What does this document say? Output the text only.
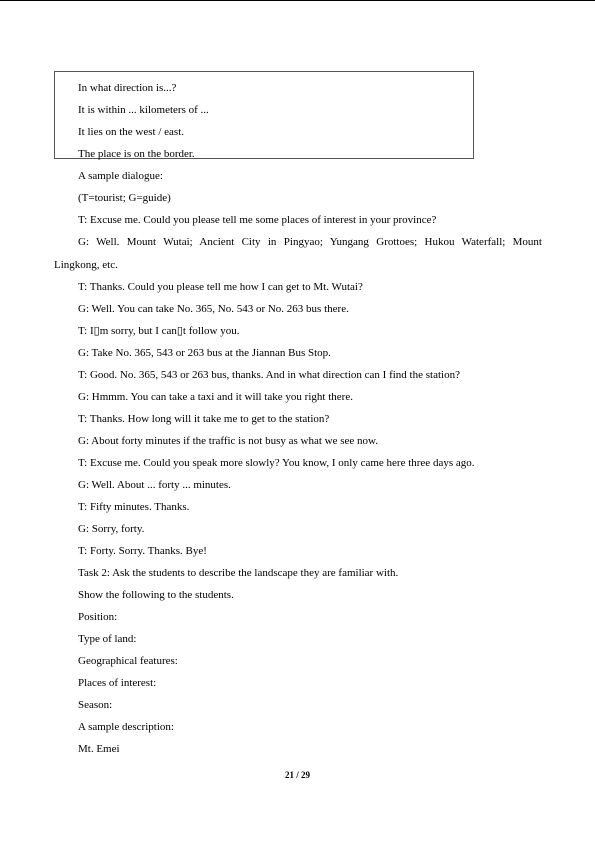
In what direction is...?
It is within ... kilometers of ...
It lies on the west / east.
The place is on the border.
A sample dialogue:
(T=tourist; G=guide)
T: Excuse me. Could you please tell me some places of interest in your province?
G: Well. Mount Wutai; Ancient City in Pingyao; Yungang Grottoes; Hukou Waterfall; Mount
Lingkong, etc.
T: Thanks. Could you please tell me how I can get to Mt. Wutai?
G: Well. You can take No. 365, No. 543 or No. 263 bus there.
T: I▯m sorry, but I can▯t follow you.
G: Take No. 365, 543 or 263 bus at the Jiannan Bus Stop.
T: Good. No. 365, 543 or 263 bus, thanks. And in what direction can I find the station?
G: Hmmm. You can take a taxi and it will take you right there.
T: Thanks. How long will it take me to get to the station?
G: About forty minutes if the traffic is not busy as what we see now.
T: Excuse me. Could you speak more slowly? You know, I only came here three days ago.
G: Well. About ... forty ... minutes.
T: Fifty minutes. Thanks.
G: Sorry, forty.
T: Forty. Sorry. Thanks. Bye!
Task 2: Ask the students to describe the landscape they are familiar with.
Show the following to the students.
Position:
Type of land:
Geographical features:
Places of interest:
Season:
A sample description:
Mt. Emei
21 / 29
